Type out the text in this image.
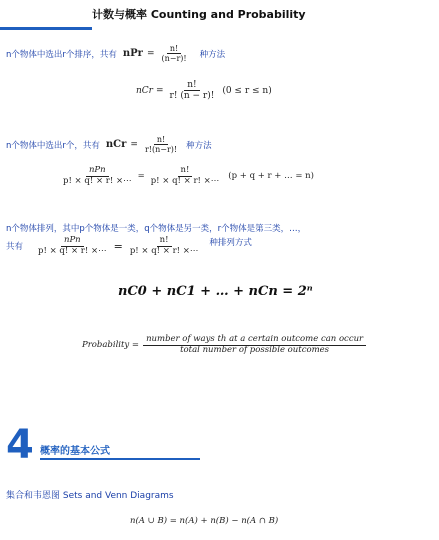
计数与概率 Counting and Probability
n个物体中选出r个排序，共有 nPr = $\frac{n!}{(n-r)!}$ 种方法
nCr = $\frac{n!}{r! (n - r)!} (0 \le r \le n)$
n个物体中选出r个，共有 nCr = $\frac{n!}{r!(n-r)!}$ 种方法
$\frac{\text{nPn}}{p! \times q! \times r! \times\cdots} = \frac{n!}{p! \times q! \times r! \times\cdots} (p + q + r$ + … = n)
n个物体排列，其中p个物体是一类，q个物体是另一类，r个物体是第三类，…，
共有 $\frac{\text{nPn}}{p! \times q! \times r! \times\cdots} = \frac{n!}{p! \times q! \times r! \times\cdots}$ 种排列方式
nC0 + nC1 + … + nCn = 2ⁿ
Probability = $\frac{\text{number of ways tℎ at a certain outcome can occur}}{\text{total number of possible outcomes}}$
4 概率的基本公式
集合和韦恩图 Sets and Venn Diagrams
n(A ∪ B) = n(A) + n(B) − n(A ∩ B)
